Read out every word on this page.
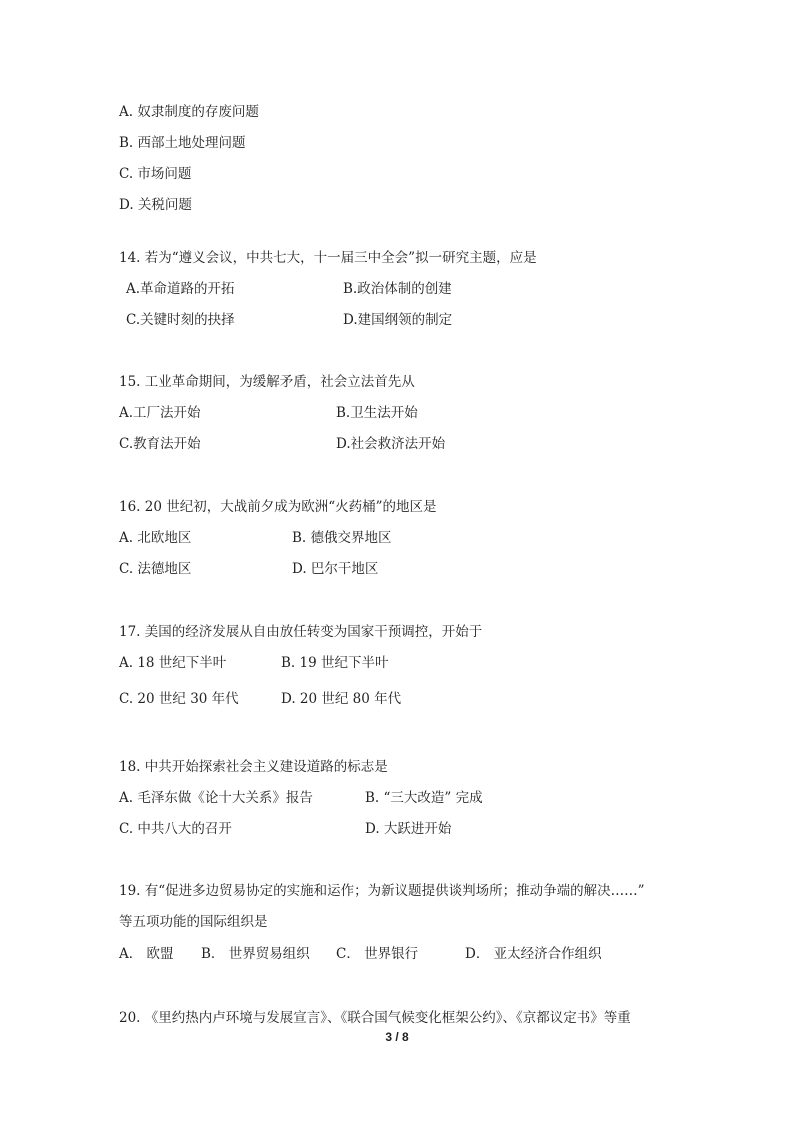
A. 奴隶制度的存废问题
B. 西部土地处理问题
C. 市场问题
D. 关税问题
14. 若为“遵义会议，中共七大，十一届三中全会”拟一研究主题，应是
A.革命道路的开拓	B.政治体制的创建
C.关键时刻的抉择	D.建国纲领的制定
15. 工业革命期间，为缓解矛盾，社会立法首先从
A.工厂法开始	B.卫生法开始
C.教育法开始	D.社会救济法开始
16. 20 世纪初，大战前夕成为欧洲“火药桶”的地区是
A. 北欧地区	B. 德俄交界地区
C. 法德地区	D. 巴尔干地区
17. 美国的经济发展从自由放任转变为国家干预调控，开始于
A. 18 世纪下半叶	B. 19 世纪下半叶
C. 20 世纪 30 年代	D. 20 世纪 80 年代
18. 中共开始探索社会主义建设道路的标志是
A. 毛泽东做《论十大关系》报告	B. “三大改造” 完成
C. 中共八大的召开	D. 大跃进开始
19. 有“促进多边贸易协定的实施和运作；为新议题提供谈判场所；推动争端的解决……”
等五项功能的国际组织是
A． 欧盟 B． 世界贸易组织 C． 世界银行	D． 亚太经济合作组织
20. 《里约热内卢环境与发展宣言》、《联合国气候变化框架公约》、《京都议定书》等重
3 / 8
